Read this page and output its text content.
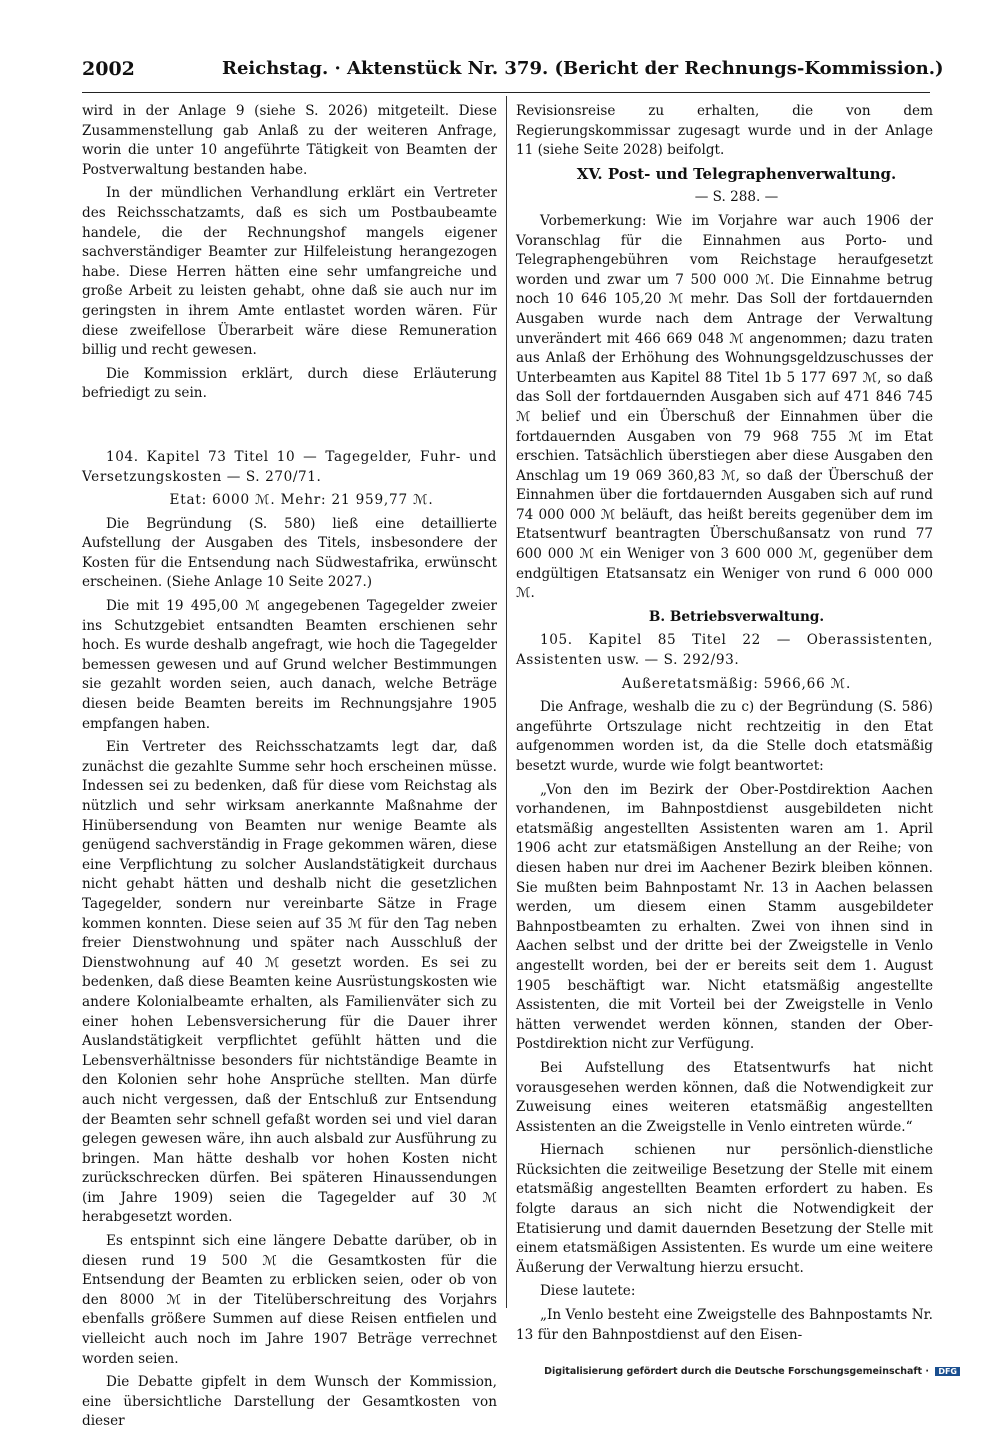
2002	Reichstag. · Aktenstück Nr. 379. (Bericht der Rechnungs-Kommission.)

wird in der Anlage 9 (siehe S. 2026) mitgeteilt. Diese Zusammenstellung gab Anlaß zu der weiteren Anfrage, worin die unter 10 angeführte Tätigkeit von Beamten der Postverwaltung bestanden habe.

In der mündlichen Verhandlung erklärt ein Vertreter des Reichsschatzamts, daß es sich um Postbaubeamte handele, die der Rechnungshof mangels eigener sachverständiger Beamter zur Hilfeleistung herangezogen habe. Diese Herren hätten eine sehr umfangreiche und große Arbeit zu leisten gehabt, ohne daß sie auch nur im geringsten in ihrem Amte entlastet worden wären. Für diese zweifellose Überarbeit wäre diese Remuneration billig und recht gewesen.

Die Kommission erklärt, durch diese Erläuterung befriedigt zu sein.

104. Kapitel 73 Titel 10 — Tagegelder, Fuhr- und Versetzungskosten — S. 270/71.

Etat: 6000 ℳ. Mehr: 21 959,77 ℳ.

Die Begründung (S. 580) ließ eine detaillierte Aufstellung der Ausgaben des Titels, insbesondere der Kosten für die Entsendung nach Südwestafrika, erwünscht erscheinen. (Siehe Anlage 10 Seite 2027.)

Die mit 19 495,00 ℳ angegebenen Tagegelder zweier ins Schutzgebiet entsandten Beamten erschienen sehr hoch. Es wurde deshalb angefragt, wie hoch die Tagegelder bemessen gewesen und auf Grund welcher Bestimmungen sie gezahlt worden seien, auch danach, welche Beträge diesen beide Beamten bereits im Rechnungsjahre 1905 empfangen haben.

Ein Vertreter des Reichsschatzamts legt dar, daß zunächst die gezahlte Summe sehr hoch erscheinen müsse. Indessen sei zu bedenken, daß für diese vom Reichstag als nützlich und sehr wirksam anerkannte Maßnahme der Hinübersendung von Beamten nur wenige Beamte als genügend sachverständig in Frage gekommen wären, diese eine Verpflichtung zu solcher Auslandstätigkeit durchaus nicht gehabt hätten und deshalb nicht die gesetzlichen Tagegelder, sondern nur vereinbarte Sätze in Frage kommen konnten. Diese seien auf 35 ℳ für den Tag neben freier Dienstwohnung und später nach Ausschluß der Dienstwohnung auf 40 ℳ gesetzt worden. Es sei zu bedenken, daß diese Beamten keine Ausrüstungskosten wie andere Kolonialbeamte erhalten, als Familienväter sich zu einer hohen Lebensversicherung für die Dauer ihrer Auslandstätigkeit verpflichtet gefühlt hätten und die Lebensverhältnisse besonders für nichtständige Beamte in den Kolonien sehr hohe Ansprüche stellten. Man dürfe auch nicht vergessen, daß der Entschluß zur Entsendung der Beamten sehr schnell gefaßt worden sei und viel daran gelegen gewesen wäre, ihn auch alsbald zur Ausführung zu bringen. Man hätte deshalb vor hohen Kosten nicht zurückschrecken dürfen. Bei späteren Hinaussendungen (im Jahre 1909) seien die Tagegelder auf 30 ℳ herabgesetzt worden.

Es entspinnt sich eine längere Debatte darüber, ob in diesen rund 19 500 ℳ die Gesamtkosten für die Entsendung der Beamten zu erblicken seien, oder ob von den 8000 ℳ in der Titelüberschreitung des Vorjahrs ebenfalls größere Summen auf diese Reisen entfielen und vielleicht auch noch im Jahre 1907 Beträge verrechnet worden seien.

Die Debatte gipfelt in dem Wunsch der Kommission, eine übersichtliche Darstellung der Gesamtkosten von dieser

Revisionsreise zu erhalten, die von dem Regierungskommissar zugesagt wurde und in der Anlage 11 (siehe Seite 2028) beifolgt.

XV. Post- und Telegraphenverwaltung.

— S. 288. —

Vorbemerkung: Wie im Vorjahre war auch 1906 der Voranschlag für die Einnahmen aus Porto- und Telegraphengebühren vom Reichstage heraufgesetzt worden und zwar um 7 500 000 ℳ. Die Einnahme betrug noch 10 646 105,20 ℳ mehr. Das Soll der fortdauernden Ausgaben wurde nach dem Antrage der Verwaltung unverändert mit 466 669 048 ℳ angenommen; dazu traten aus Anlaß der Erhöhung des Wohnungsgeldzuschusses der Unterbeamten aus Kapitel 88 Titel 1b 5 177 697 ℳ, so daß das Soll der fortdauernden Ausgaben sich auf 471 846 745 ℳ belief und ein Überschuß der Einnahmen über die fortdauernden Ausgaben von 79 968 755 ℳ im Etat erschien. Tatsächlich überstiegen aber diese Ausgaben den Anschlag um 19 069 360,83 ℳ, so daß der Überschuß der Einnahmen über die fortdauernden Ausgaben sich auf rund 74 000 000 ℳ beläuft, das heißt bereits gegenüber dem im Etatsentwurf beantragten Überschußansatz von rund 77 600 000 ℳ ein Weniger von 3 600 000 ℳ, gegenüber dem endgültigen Etatsansatz ein Weniger von rund 6 000 000 ℳ.

B. Betriebsverwaltung.

105. Kapitel 85 Titel 22 — Oberassistenten, Assistenten usw. — S. 292/93.

Außeretatsmäßig: 5966,66 ℳ.

Die Anfrage, weshalb die zu c) der Begründung (S. 586) angeführte Ortszulage nicht rechtzeitig in den Etat aufgenommen worden ist, da die Stelle doch etatsmäßig besetzt wurde, wurde wie folgt beantwortet:

„Von den im Bezirk der Ober-Postdirektion Aachen vorhandenen, im Bahnpostdienst ausgebildeten nicht etatsmäßig angestellten Assistenten waren am 1. April 1906 acht zur etatsmäßigen Anstellung an der Reihe; von diesen haben nur drei im Aachener Bezirk bleiben können. Sie mußten beim Bahnpostamt Nr. 13 in Aachen belassen werden, um diesem einen Stamm ausgebildeter Bahnpostbeamten zu erhalten. Zwei von ihnen sind in Aachen selbst und der dritte bei der Zweigstelle in Venlo angestellt worden, bei der er bereits seit dem 1. August 1905 beschäftigt war. Nicht etatsmäßig angestellte Assistenten, die mit Vorteil bei der Zweigstelle in Venlo hätten verwendet werden können, standen der Ober-Postdirektion nicht zur Verfügung.

Bei Aufstellung des Etatsentwurfs hat nicht vorausgesehen werden können, daß die Notwendigkeit zur Zuweisung eines weiteren etatsmäßig angestellten Assistenten an die Zweigstelle in Venlo eintreten würde.“

Hiernach schienen nur persönlich-dienstliche Rücksichten die zeitweilige Besetzung der Stelle mit einem etatsmäßig angestellten Beamten erfordert zu haben. Es folgte daraus an sich nicht die Notwendigkeit der Etatisierung und damit dauernden Besetzung der Stelle mit einem etatsmäßigen Assistenten. Es wurde um eine weitere Äußerung der Verwaltung hierzu ersucht.

Diese lautete:

„In Venlo besteht eine Zweigstelle des Bahnpostamts Nr. 13 für den Bahnpostdienst auf den Eisen-

Digitalisierung gefördert durch die Deutsche Forschungsgemeinschaft · DFG
